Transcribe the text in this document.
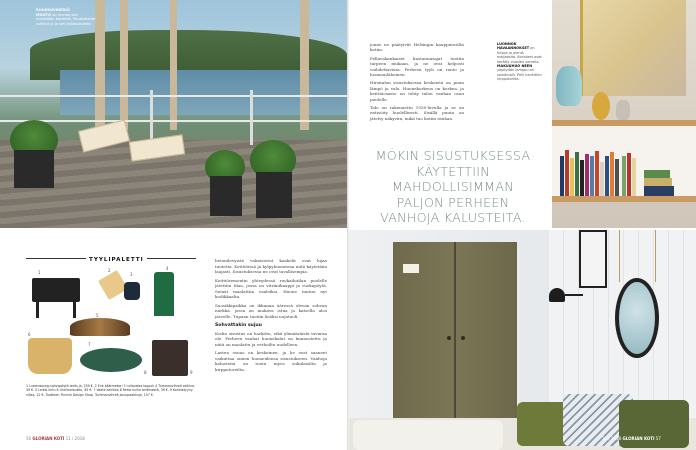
RUUKKUVIHERIÖ
MOOTO on ihanaa sitä mielellään käsitellä. Muokattavat suihkut ja ja sen kallistuksesta
TYYLIPALETTI
1	2
3
4
5
6
7
8	9
1 Luxembourg-sohvapöytä teräs ja, 259 €. 2 Enk käärmekori 3 rullavatsa loppuk 4 Tummanvihreä esiliina, 49 €. 5 Leikki-lintu 6 Unelmalaukku, 85 €. 7 Vaate kehikko 8 Retro kulho teräksestä, 39 €. 9 Koristetyyny villaa, 22 €. Tuotteet: Finnish Design Shop. Tummanvihreä joulupaakkuja, 157 €.

betonilevyistä valmistetut kaakelit ovat lujaa tuotetta. Keittiöissä ja kylpyhuoneissa niitä käytetään laajasti. Sisustuksessa ne ovat tavallisempia.

Keittiöremontin yhteydessä ruokailutilan puolelle jätettiin tilaa, jossa on vitriinikaappi ja ruokapöytä. Seinät maalattiin vaaleiksi. Huone tuntuu nyt kodikkaalta.

Suosikkipaikka on ikkunan ääressä olevan sohvan nurkka, jossa on mukava istua ja katsella ulos järvelle. Tupaan tuotiin lisäksi nojatuoli.

Sohvattakin sujuu

Kodin sisustus on harkittu, eikä ylimääräistä tavaraa ole. Perheen vanhat huonekalut on kunnostettu ja niitä on maalattu ja verhoiltu uudelleen.

Lasten osuus on keskeinen, ja he ovat saaneet vaikuttaa omien huoneidensa sisustukseen. Vanhoja kalusteita on tuotu myös sukulaisilta ja kirpputoreilta.

56 GLORIAN KOTI 11 / 2018

jonne ne päätyivät Helsingin kauppatorilta kotiin.

Pellavakankaiset kustannusajat tuotiin tarpeen mukaan, ja ne ovat helposti vaihdettavissa. Perheen tyyli on rento ja luonnonläheinen.

Hirsitalon sisustuksessa keskeistä on puun lämpö ja valo. Huonekorkeus on korkea, ja keittiöosasto on tehty talon vanhan osan puolelle.

Talo on rakennettu 1930-luvulla ja se on entisöity huolellisesti. Sisällä puuta on jätetty näkyviin, mikä tuo kotiin rauhaa.

LUONNOK HAVAANNOKSET on kirjoja ja pieniä maljakoita. Koristeet ovat kerätty vuosien varrella.
MAKUUHUO NEEN yöpöydän lamppu on seinämalli. Peili hankittiin kirpputorilta.
MÖKIN SISUSTUKSESSA KÄYTETTIIN MAHDOLLISIMMAN PALJON PERHEEN VANHOJA KALUSTEITA.
11 / 2018 GLORIAN KOTI 57
